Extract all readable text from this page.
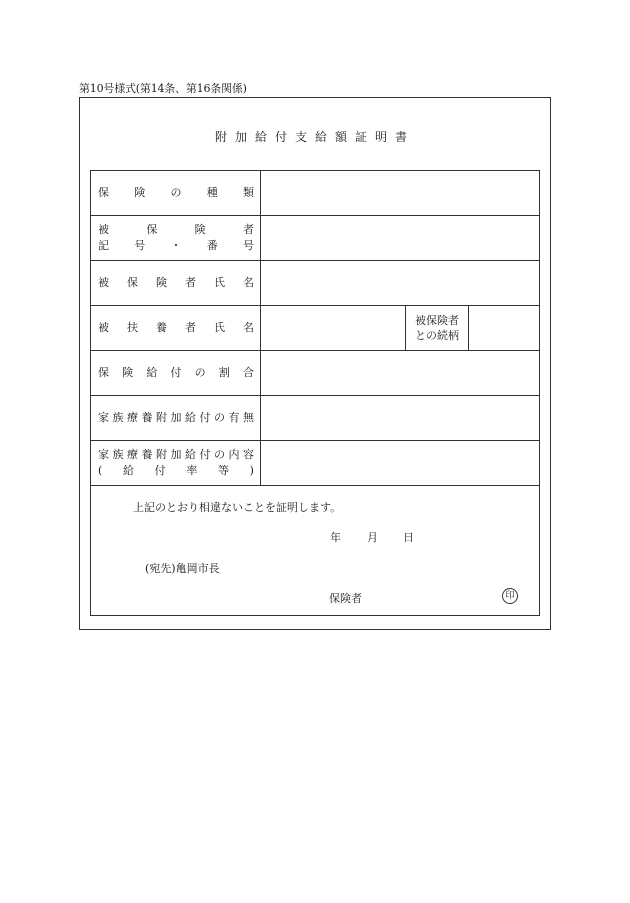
第10号様式(第14条、第16条関係)
附加給付支給額証明書
保 険 の 種 類
被	保	険	者
記 号 ・ 番 号
被 保 険 者 氏 名
被 扶 養 者 氏 名
被保険者
との続柄
保 険 給 付 の 割 合
家 族 療 養 附 加 給 付 の 有 無
家 族 療 養 附 加 給 付 の 内 容
( 給 付 率 等 )
上記のとおり相違ないことを証明します。
年 月 日
(宛先)亀岡市長
保険者	印
